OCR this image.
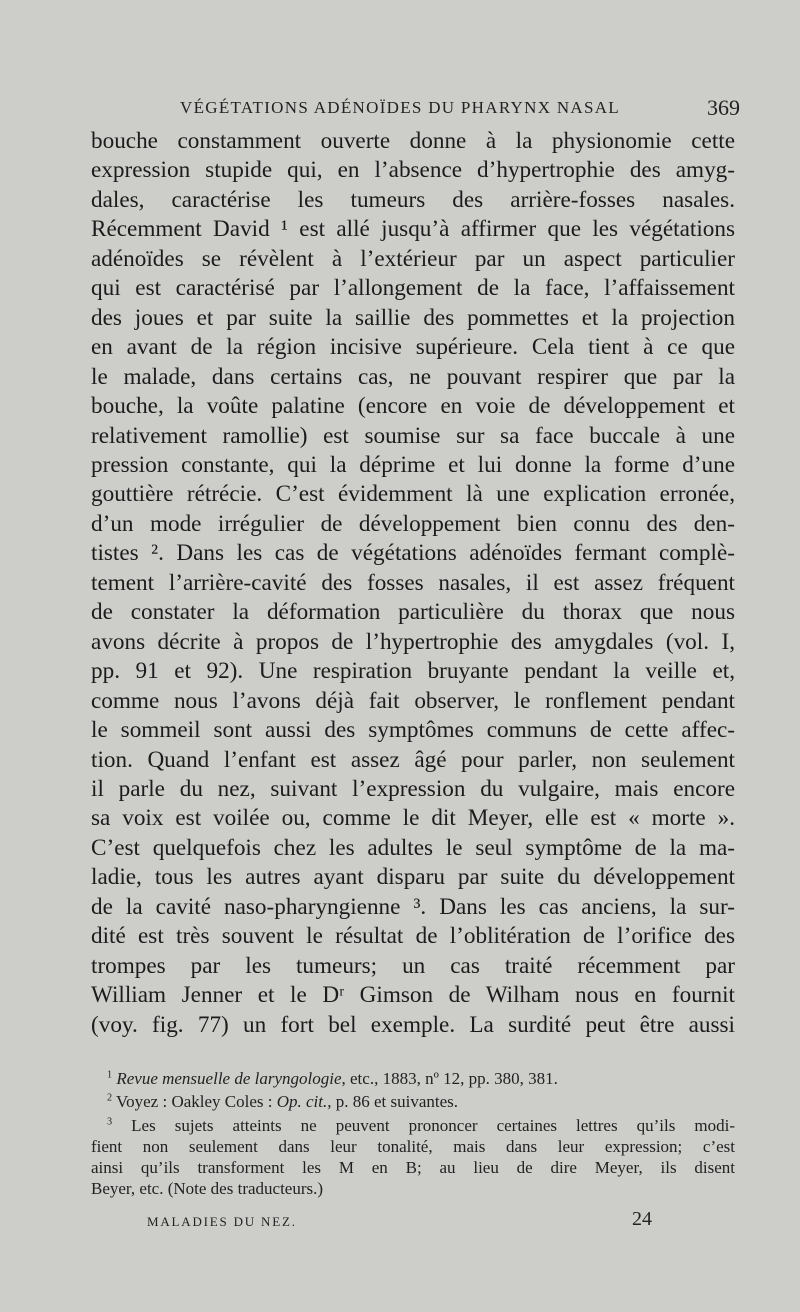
VÉGÉTATIONS ADÉNOÏDES DU PHARYNX NASAL	369
bouche constamment ouverte donne à la physionomie cette
expression stupide qui, en l’absence d’hypertrophie des amyg-
dales, caractérise les tumeurs des arrière-fosses nasales.
Récemment David ¹ est allé jusqu’à affirmer que les végétations
adénoïdes se révèlent à l’extérieur par un aspect particulier
qui est caractérisé par l’allongement de la face, l’affaissement
des joues et par suite la saillie des pommettes et la projection
en avant de la région incisive supérieure. Cela tient à ce que
le malade, dans certains cas, ne pouvant respirer que par la
bouche, la voûte palatine (encore en voie de développement et
relativement ramollie) est soumise sur sa face buccale à une
pression constante, qui la déprime et lui donne la forme d’une
gouttière rétrécie. C’est évidemment là une explication erronée,
d’un mode irrégulier de développement bien connu des den-
tistes ². Dans les cas de végétations adénoïdes fermant complè-
tement l’arrière-cavité des fosses nasales, il est assez fréquent
de constater la déformation particulière du thorax que nous
avons décrite à propos de l’hypertrophie des amygdales (vol. I,
pp. 91 et 92). Une respiration bruyante pendant la veille et,
comme nous l’avons déjà fait observer, le ronflement pendant
le sommeil sont aussi des symptômes communs de cette affec-
tion. Quand l’enfant est assez âgé pour parler, non seulement
il parle du nez, suivant l’expression du vulgaire, mais encore
sa voix est voilée ou, comme le dit Meyer, elle est « morte ».
C’est quelquefois chez les adultes le seul symptôme de la ma-
ladie, tous les autres ayant disparu par suite du développement
de la cavité naso-pharyngienne ³. Dans les cas anciens, la sur-
dité est très souvent le résultat de l’oblitération de l’orifice des
trompes par les tumeurs; un cas traité récemment par
William Jenner et le Dʳ Gimson de Wilham nous en fournit
(voy. fig. 77) un fort bel exemple. La surdité peut être aussi
$^1$ Revue mensuelle de laryngologie, etc., 1883, nº 12, pp. 380, 381.
$^2$ Voyez : Oakley Coles : Op. cit., p. 86 et suivantes.
$^3$ Les sujets atteints ne peuvent prononcer certaines lettres qu’ils modi-
fient non seulement dans leur tonalité, mais dans leur expression; c’est
ainsi qu’ils transforment les M en B; au lieu de dire Meyer, ils disent
Beyer, etc. (Note des traducteurs.)
MALADIES DU NEZ.	24
